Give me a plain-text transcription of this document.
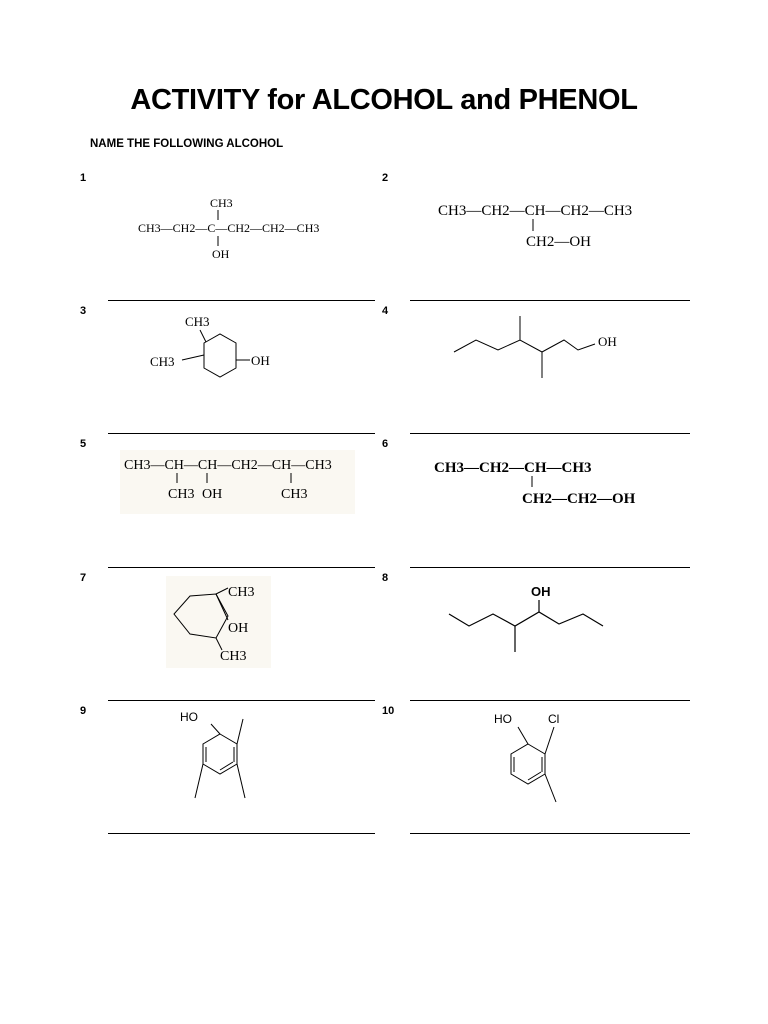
ACTIVITY for ALCOHOL and PHENOL
NAME THE FOLLOWING ALCOHOL
1	2
3	4
5	6
7	8
9	10
CH3
CH3—CH2—C—CH2—CH2—CH3
OH
CH3—CH2—CH—CH2—CH3
CH2—OH
CH3
CH3	OH
OH
CH3—CH—CH—CH2—CH—CH3
CH3 OH	CH3
CH3—CH2—CH—CH3
CH2—CH2—OH
CH3
OH
CH3
OH
HO	HO	Cl
